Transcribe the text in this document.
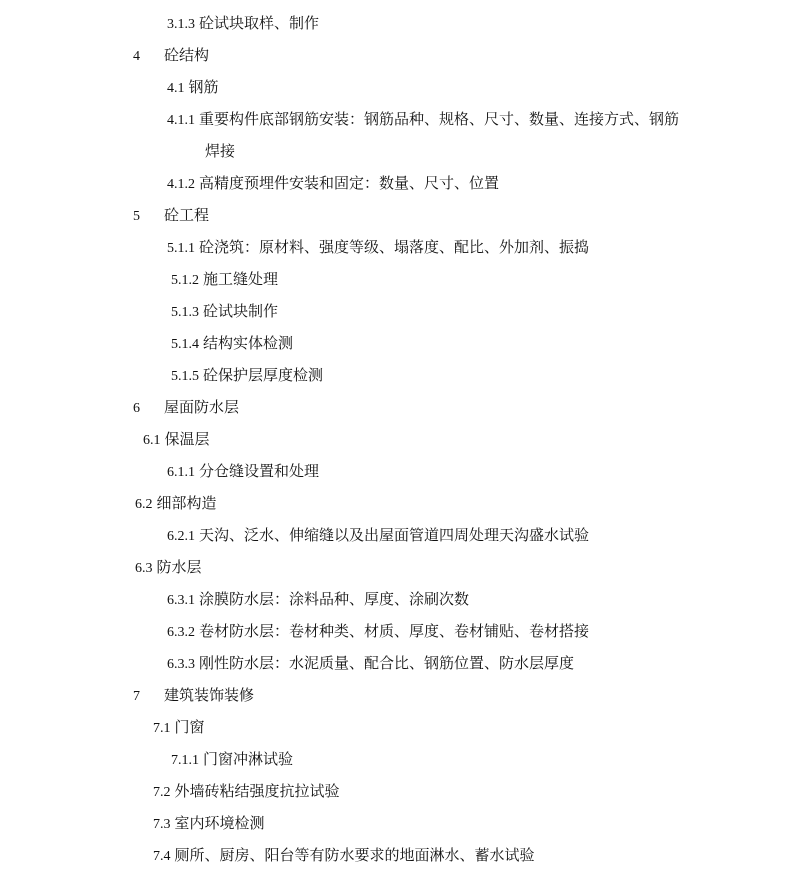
3.1.3 砼试块取样、制作
4 砼结构
4.1 钢筋
4.1.1 重要构件底部钢筋安装：钢筋品种、规格、尺寸、数量、连接方式、钢筋
焊接
4.1.2 高精度预埋件安装和固定：数量、尺寸、位置
5 砼工程
5.1.1 砼浇筑：原材料、强度等级、塌落度、配比、外加剂、振捣
5.1.2 施工缝处理
5.1.3 砼试块制作
5.1.4 结构实体检测
5.1.5 砼保护层厚度检测
6 屋面防水层
6.1 保温层
6.1.1 分仓缝设置和处理
6.2 细部构造
6.2.1 天沟、泛水、伸缩缝以及出屋面管道四周处理天沟盛水试验
6.3 防水层
6.3.1 涂膜防水层：涂料品种、厚度、涂刷次数
6.3.2 卷材防水层：卷材种类、材质、厚度、卷材铺贴、卷材搭接
6.3.3 刚性防水层：水泥质量、配合比、钢筋位置、防水层厚度
7 建筑装饰装修
7.1 门窗
7.1.1 门窗冲淋试验
7.2 外墙砖粘结强度抗拉试验
7.3 室内环境检测
7.4 厕所、厨房、阳台等有防水要求的地面淋水、蓄水试验
